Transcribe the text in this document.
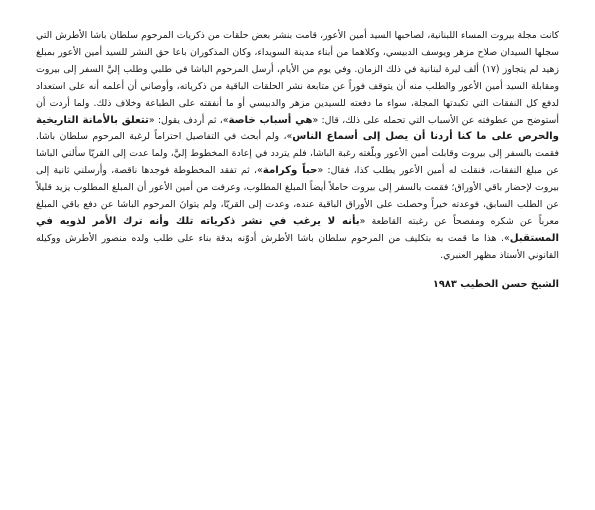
كانت مجلة بيروت المساء اللبنانية، لصاحبها السيد أمين الأعور، قامت بنشر بعض حلقات من ذكريات المرحوم سلطان باشا الأطرش التي سجلها السيدان صلاح مزهر ويوسف الدبيسي، وكلاهما من أبناء مدينة السويداء، وكان المذكوران باعا حق النشر للسيد أمين الأعور بمبلغ زهيد لم يتجاوز (١٧) ألف ليرة لبنانية في ذلك الزمان. وفي يوم من الأيام، أرسل المرحوم الباشا في طلبي وطلب إليَّ السفر إلى بيروت ومقابلة السيد أمين الأعور والطلب منه أن يتوقف فوراً عن متابعة نشر الحلقات الباقية من ذكرياته، وأوصاني أن أعلمه أنه على استعداد لدفع كل النفقات التي تكبدتها المجلة، سواء ما دفعته للسيدين مزهر والدبيسي أو ما أنفقته على الطباعة وخلاف ذلك. ولما أردت أن أستوضح من عطوفته عن الأسباب التي تحمله على ذلك، قال: «هي أسباب خاصة»، ثم أردف يقول: «تتعلق بالأمانة التاريخية والحرص على ما كنا أردنا أن يصل إلى أسماع الناس»، ولم أبحث في التفاصيل احتراماً لرغبة المرحوم سلطان باشا. فقمت بالسفر إلى بيروت وقابلت أمين الأعور وبلّغته رغبة الباشا، فلم يتردد في إعادة المخطوط إليَّ، ولما عدت إلى القريّا سألني الباشا عن مبلغ النفقات، فنقلت له أمين الأعور يطلب كذا، فقال: «حباً وكرامة»، ثم تفقد المخطوطة فوجدها ناقصة، وأرسلني ثانية إلى بيروت لإحضار باقي الأوراق؛ فقمت بالسفر إلى بيروت حاملاً أيضاً المبلغ المطلوب، وعرفت من أمين الأعور أن المبلغ المطلوب يزيد قليلاً عن الطلب السابق، فوعدته خيراً وحصلت على الأوراق الباقية عنده، وعدت إلى القريّا، ولم يتوانَ المرحوم الباشا عن دفع باقي المبلغ معرباً عن شكره ومفصحاً عن رغبته القاطعة «بأنه لا يرغب في نشر ذكرياته تلك وأنه ترك الأمر لذويه في المستقبل». هذا ما قمت به بتكليف من المرحوم سلطان باشا الأطرش أدوّنه بدقة بناء على طلب ولده منصور الأطرش ووكيله القانوني الأستاذ مظهر العنبري.

الشيخ حسن الخطيب ١٩٨٣
